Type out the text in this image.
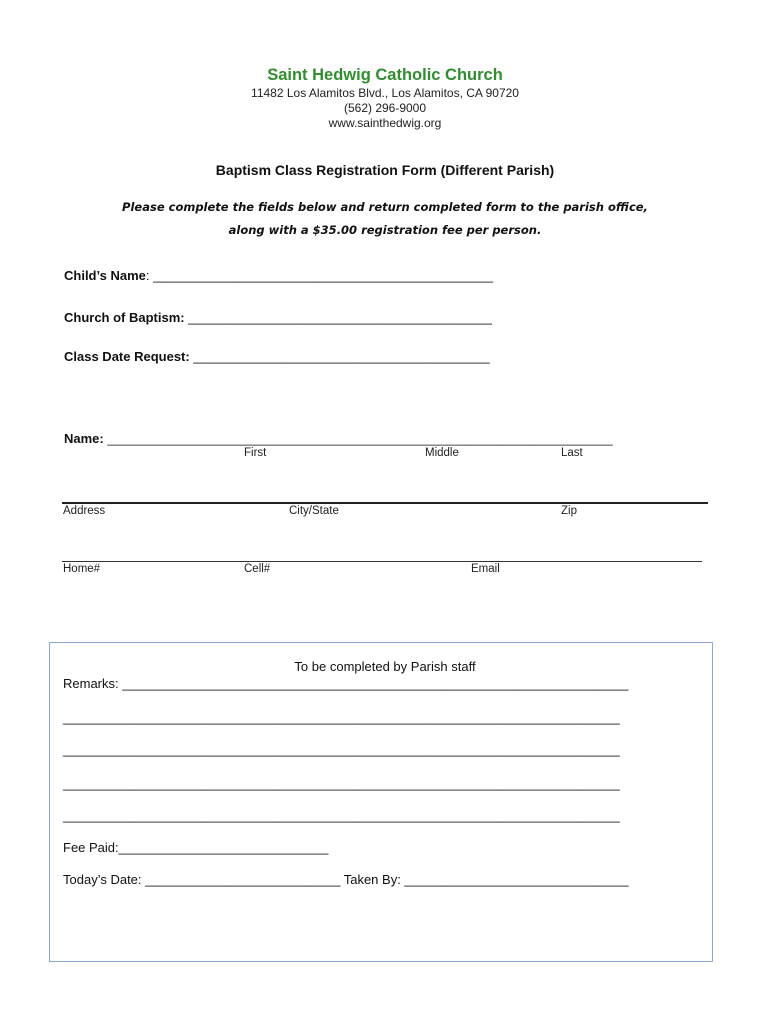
Saint Hedwig Catholic Church
11482 Los Alamitos Blvd., Los Alamitos, CA 90720
(562) 296-9000
www.sainthedwig.org
Baptism Class Registration Form (Different Parish)
Please complete the fields below and return completed form to the parish office,
along with a $35.00 registration fee per person.
Child’s Name: _______________________________________________
Church of Baptism: __________________________________________
Class Date Request: _________________________________________
Name: _______________________________________________________________________________
First	Middle	Last
Address	City/State	Zip
Home#	Cell#	Email
To be completed by Parish staff
Remarks: ______________________________________________________________________
_____________________________________________________________________________
_____________________________________________________________________________
_____________________________________________________________________________
_____________________________________________________________________________
Fee Paid:_____________________________
Today’s Date: ___________________________ Taken By: _______________________________
